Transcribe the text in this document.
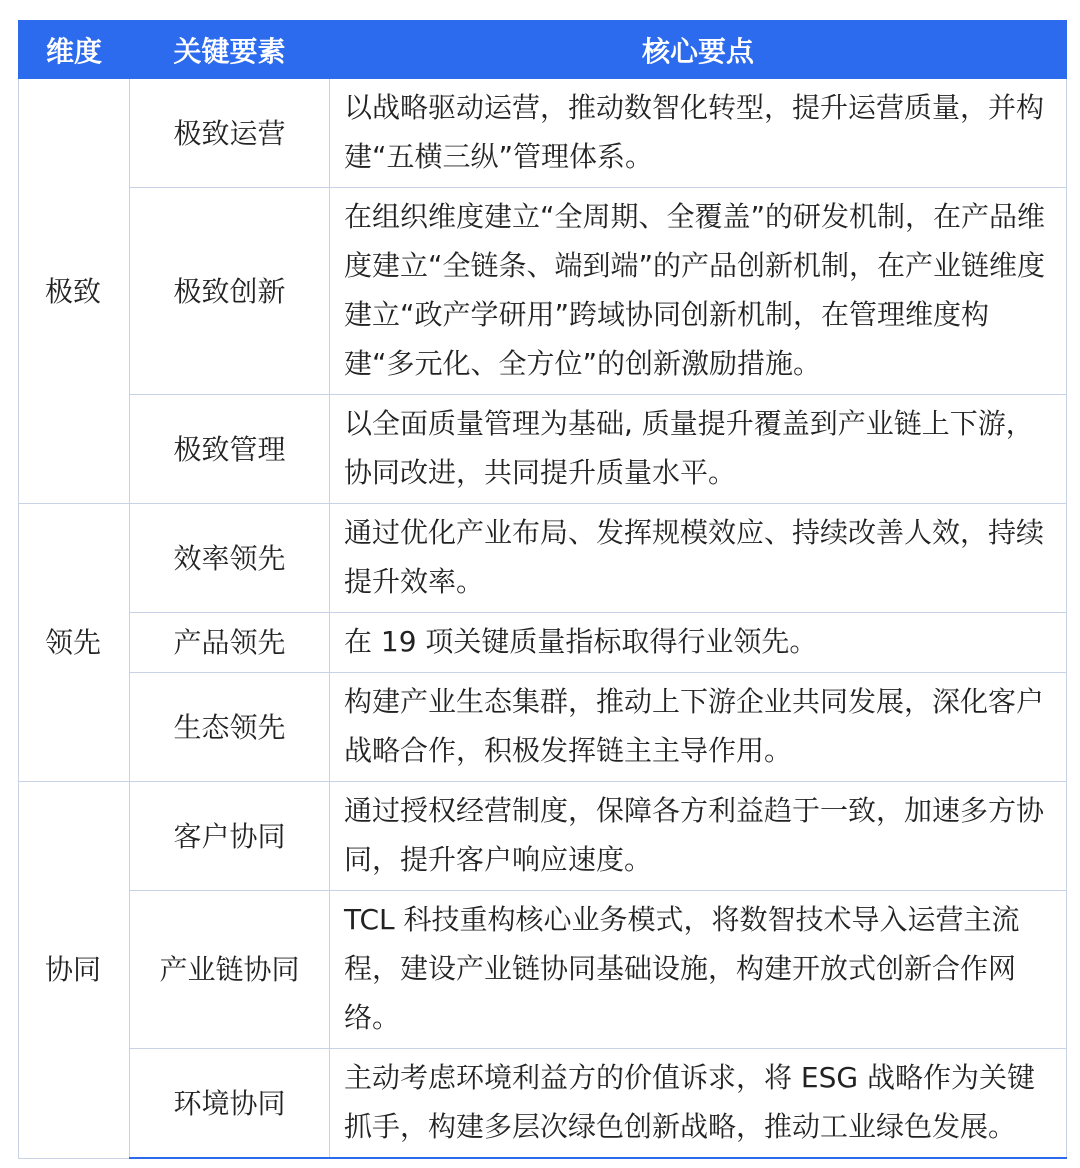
维度	关键要素	核心要点
极致	极致运营	以战略驱动运营，推动数智化转型，提升运营质量，并构建“五横三纵”管理体系。
	极致创新	在组织维度建立“全周期、全覆盖”的研发机制，在产品维度建立“全链条、端到端”的产品创新机制，在产业链维度建立“政产学研用”跨域协同创新机制，在管理维度构建“多元化、全方位”的创新激励措施。
	极致管理	以全面质量管理为基础, 质量提升覆盖到产业链上下游，协同改进，共同提升质量水平。
领先	效率领先	通过优化产业布局、发挥规模效应、持续改善人效，持续提升效率。
	产品领先	在 19 项关键质量指标取得行业领先。
	生态领先	构建产业生态集群，推动上下游企业共同发展，深化客户战略合作，积极发挥链主主导作用。
协同	客户协同	通过授权经营制度，保障各方利益趋于一致，加速多方协同，提升客户响应速度。
	产业链协同	TCL 科技重构核心业务模式，将数智技术导入运营主流程，建设产业链协同基础设施，构建开放式创新合作网络。
	环境协同	主动考虑环境利益方的价值诉求，将 ESG 战略作为关键抓手，构建多层次绿色创新战略，推动工业绿色发展。
